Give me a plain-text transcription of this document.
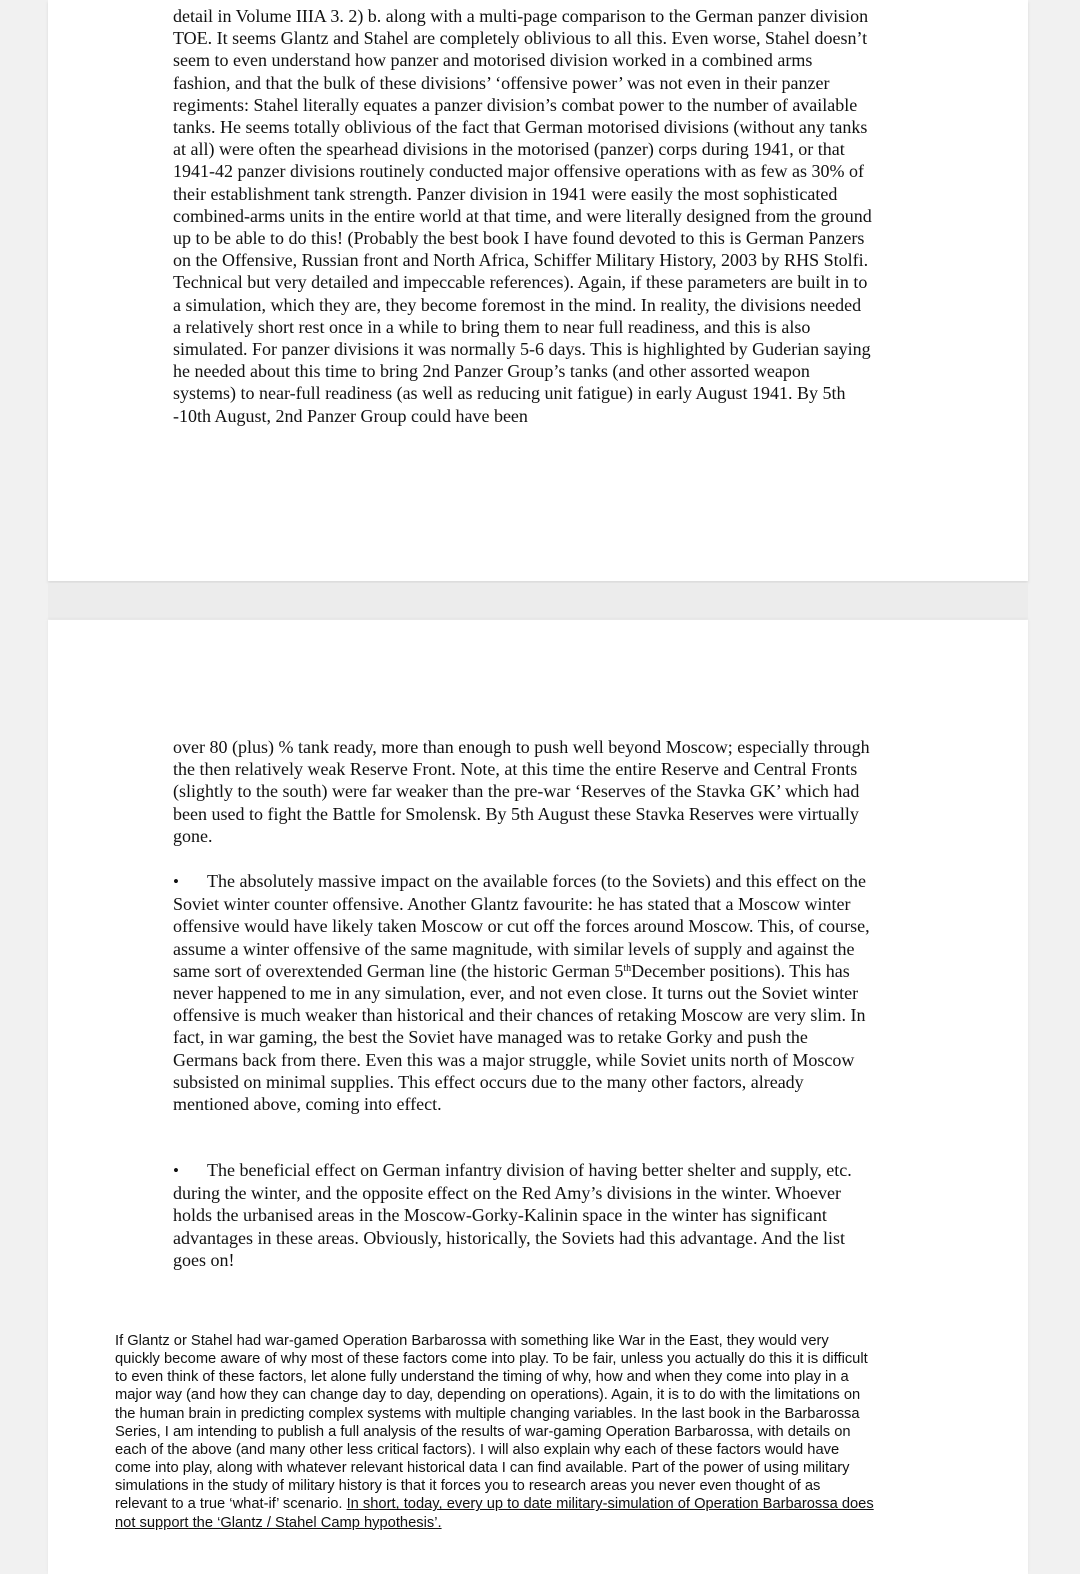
detail in Volume IIIA 3. 2) b. along with a multi-page comparison to the German panzer division TOE. It seems Glantz and Stahel are completely oblivious to all this. Even worse, Stahel doesn’t seem to even understand how panzer and motorised division worked in a combined arms fashion, and that the bulk of these divisions’ ‘offensive power’ was not even in their panzer regiments: Stahel literally equates a panzer division’s combat power to the number of available tanks. He seems totally oblivious of the fact that German motorised divisions (without any tanks at all) were often the spearhead divisions in the motorised (panzer) corps during 1941, or that 1941-42 panzer divisions routinely conducted major offensive operations with as few as 30% of their establishment tank strength. Panzer division in 1941 were easily the most sophisticated combined-arms units in the entire world at that time, and were literally designed from the ground up to be able to do this! (Probably the best book I have found devoted to this is German Panzers on the Offensive, Russian front and North Africa, Schiffer Military History, 2003 by RHS Stolfi. Technical but very detailed and impeccable references). Again, if these parameters are built in to a simulation, which they are, they become foremost in the mind. In reality, the divisions needed a relatively short rest once in a while to bring them to near full readiness, and this is also simulated. For panzer divisions it was normally 5-6 days. This is highlighted by Guderian saying he needed about this time to bring 2nd Panzer Group’s tanks (and other assorted weapon systems) to near-full readiness (as well as reducing unit fatigue) in early August 1941. By 5th -10th August, 2nd Panzer Group could have been

over 80 (plus) % tank ready, more than enough to push well beyond Moscow; especially through the then relatively weak Reserve Front. Note, at this time the entire Reserve and Central Fronts (slightly to the south) were far weaker than the pre-war ‘Reserves of the Stavka GK’ which had been used to fight the Battle for Smolensk. By 5th August these Stavka Reserves were virtually gone.

• The absolutely massive impact on the available forces (to the Soviets) and this effect on the Soviet winter counter offensive. Another Glantz favourite: he has stated that a Moscow winter offensive would have likely taken Moscow or cut off the forces around Moscow. This, of course, assume a winter offensive of the same magnitude, with similar levels of supply and against the same sort of overextended German line (the historic German 5thDecember positions). This has never happened to me in any simulation, ever, and not even close. It turns out the Soviet winter offensive is much weaker than historical and their chances of retaking Moscow are very slim. In fact, in war gaming, the best the Soviet have managed was to retake Gorky and push the Germans back from there. Even this was a major struggle, while Soviet units north of Moscow subsisted on minimal supplies. This effect occurs due to the many other factors, already mentioned above, coming into effect.

• The beneficial effect on German infantry division of having better shelter and supply, etc. during the winter, and the opposite effect on the Red Amy’s divisions in the winter. Whoever holds the urbanised areas in the Moscow-Gorky-Kalinin space in the winter has significant advantages in these areas. Obviously, historically, the Soviets had this advantage. And the list goes on!

If Glantz or Stahel had war-gamed Operation Barbarossa with something like War in the East, they would very quickly become aware of why most of these factors come into play. To be fair, unless you actually do this it is difficult to even think of these factors, let alone fully understand the timing of why, how and when they come into play in a major way (and how they can change day to day, depending on operations). Again, it is to do with the limitations on the human brain in predicting complex systems with multiple changing variables. In the last book in the Barbarossa Series, I am intending to publish a full analysis of the results of war-gaming Operation Barbarossa, with details on each of the above (and many other less critical factors). I will also explain why each of these factors would have come into play, along with whatever relevant historical data I can find available. Part of the power of using military simulations in the study of military history is that it forces you to research areas you never even thought of as relevant to a true ‘what-if’ scenario. In short, today, every up to date military-simulation of Operation Barbarossa does not support the ‘Glantz / Stahel Camp hypothesis’.
